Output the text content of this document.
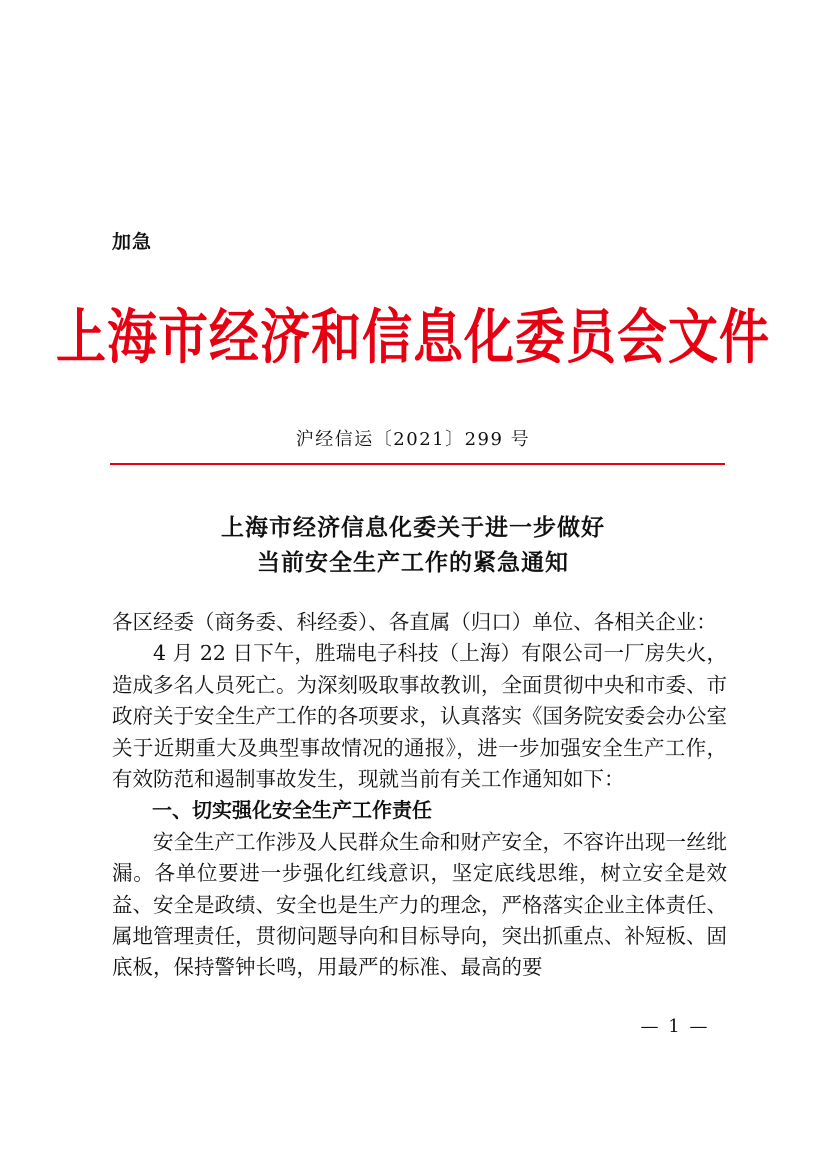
加急
上海市经济和信息化委员会文件
沪经信运〔2021〕299 号
上海市经济信息化委关于进一步做好
当前安全生产工作的紧急通知

各区经委（商务委、科经委）、各直属（归口）单位、各相关企业：

4 月 22 日下午，胜瑞电子科技（上海）有限公司一厂房失火，造成多名人员死亡。为深刻吸取事故教训，全面贯彻中央和市委、市政府关于安全生产工作的各项要求，认真落实《国务院安委会办公室关于近期重大及典型事故情况的通报》，进一步加强安全生产工作，有效防范和遏制事故发生，现就当前有关工作通知如下：

一、切实强化安全生产工作责任

安全生产工作涉及人民群众生命和财产安全，不容许出现一丝纰漏。各单位要进一步强化红线意识，坚定底线思维，树立安全是效益、安全是政绩、安全也是生产力的理念，严格落实企业主体责任、属地管理责任，贯彻问题导向和目标导向，突出抓重点、补短板、固底板，保持警钟长鸣，用最严的标准、最高的要

— 1 —
